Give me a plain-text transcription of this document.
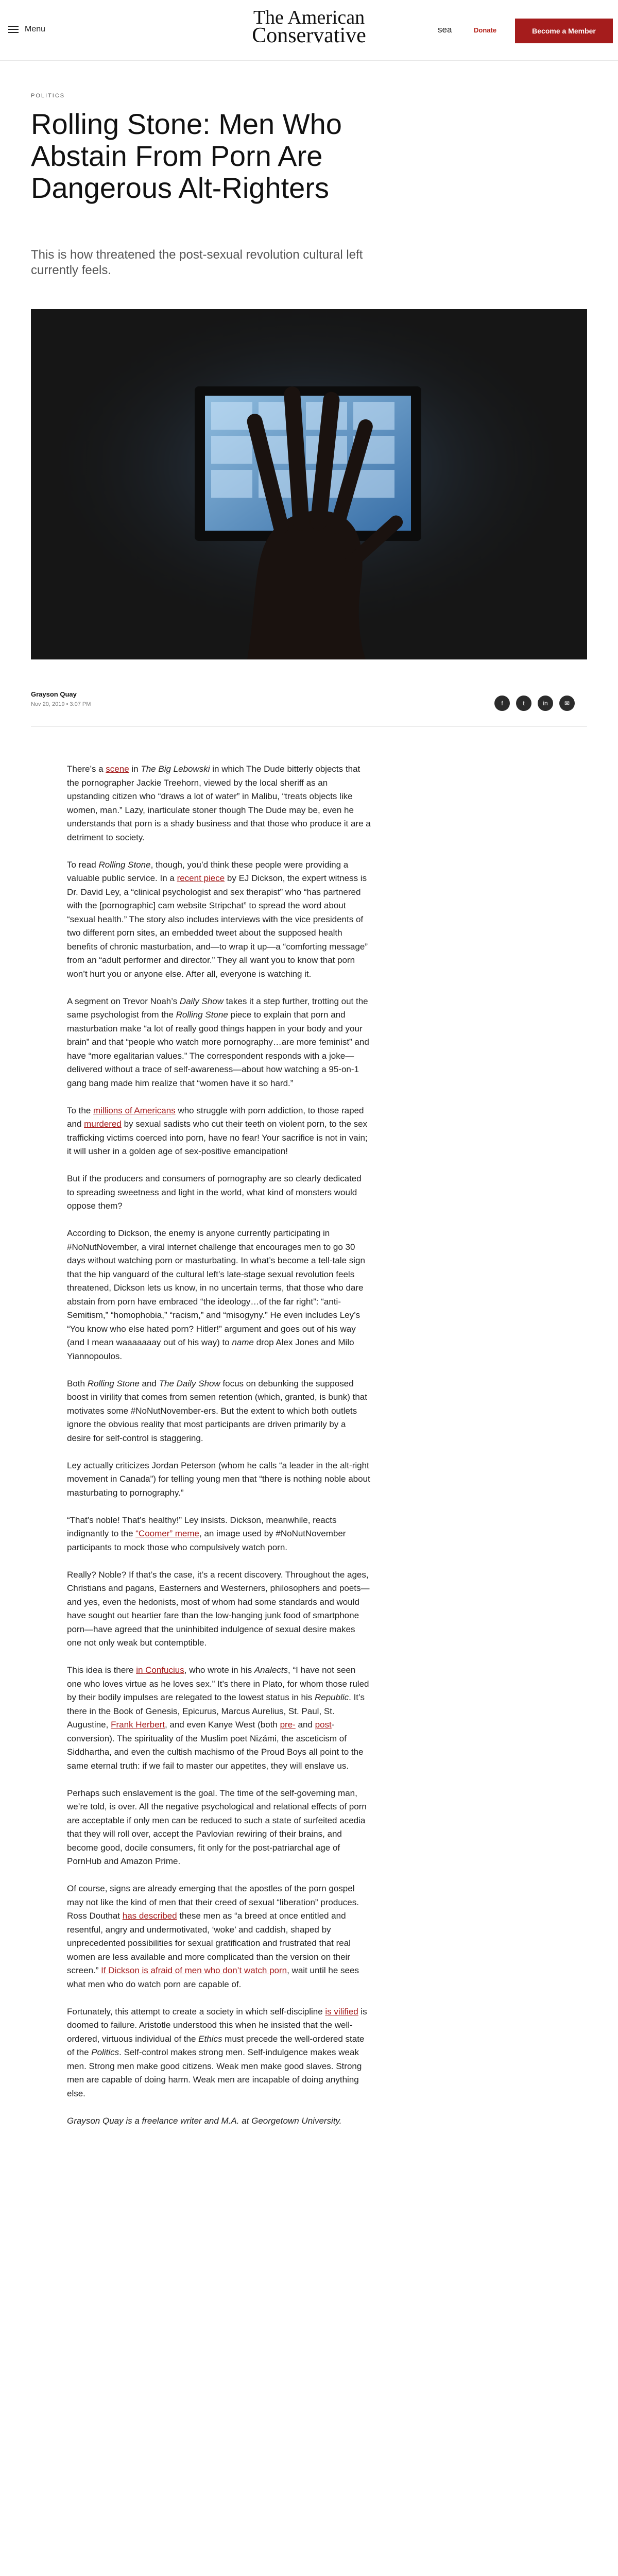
Menu
The American
Conservative	sea	Donate	Become a Member
POLITICS
Rolling Stone: Men Who Abstain From Porn Are Dangerous Alt-Righters
This is how threatened the post-sexual revolution cultural left currently feels.
Grayson Quay
Nov 20, 2019 • 3:07 PM	f	t	in	✉

There’s a scene in The Big Lebowski in which The Dude bitterly objects that the pornographer Jackie Treehorn, viewed by the local sheriff as an upstanding citizen who “draws a lot of water” in Malibu, “treats objects like women, man.” Lazy, inarticulate stoner though The Dude may be, even he understands that porn is a shady business and that those who produce it are a detriment to society.

To read Rolling Stone, though, you’d think these people were providing a valuable public service. In a recent piece by EJ Dickson, the expert witness is Dr. David Ley, a “clinical psychologist and sex therapist” who “has partnered with the [pornographic] cam website Stripchat” to spread the word about “sexual health.” The story also includes interviews with the vice presidents of two different porn sites, an embedded tweet about the supposed health benefits of chronic masturbation, and—to wrap it up—a “comforting message” from an “adult performer and director.” They all want you to know that porn won’t hurt you or anyone else. After all, everyone is watching it.

A segment on Trevor Noah’s Daily Show takes it a step further, trotting out the same psychologist from the Rolling Stone piece to explain that porn and masturbation make “a lot of really good things happen in your body and your brain” and that “people who watch more pornography…are more feminist” and have “more egalitarian values.” The correspondent responds with a joke—delivered without a trace of self-awareness—about how watching a 95-on-1 gang bang made him realize that “women have it so hard.”

To the millions of Americans who struggle with porn addiction, to those raped and murdered by sexual sadists who cut their teeth on violent porn, to the sex trafficking victims coerced into porn, have no fear! Your sacrifice is not in vain; it will usher in a golden age of sex-positive emancipation!

But if the producers and consumers of pornography are so clearly dedicated to spreading sweetness and light in the world, what kind of monsters would oppose them?

According to Dickson, the enemy is anyone currently participating in #NoNutNovember, a viral internet challenge that encourages men to go 30 days without watching porn or masturbating. In what’s become a tell-tale sign that the hip vanguard of the cultural left’s late-stage sexual revolution feels threatened, Dickson lets us know, in no uncertain terms, that those who dare abstain from porn have embraced “the ideology…of the far right”: “anti-Semitism,” “homophobia,” “racism,” and “misogyny.” He even includes Ley’s “You know who else hated porn? Hitler!” argument and goes out of his way (and I mean waaaaaaay out of his way) to name drop Alex Jones and Milo Yiannopoulos.

Both Rolling Stone and The Daily Show focus on debunking the supposed boost in virility that comes from semen retention (which, granted, is bunk) that motivates some #NoNutNovember-ers. But the extent to which both outlets ignore the obvious reality that most participants are driven primarily by a desire for self-control is staggering.

Ley actually criticizes Jordan Peterson (whom he calls “a leader in the alt-right movement in Canada”) for telling young men that “there is nothing noble about masturbating to pornography.”

“That’s noble! That’s healthy!” Ley insists. Dickson, meanwhile, reacts indignantly to the “Coomer” meme, an image used by #NoNutNovember participants to mock those who compulsively watch porn.

Really? Noble? If that’s the case, it’s a recent discovery. Throughout the ages, Christians and pagans, Easterners and Westerners, philosophers and poets—and yes, even the hedonists, most of whom had some standards and would have sought out heartier fare than the low-hanging junk food of smartphone porn—have agreed that the uninhibited indulgence of sexual desire makes one not only weak but contemptible.

This idea is there in Confucius, who wrote in his Analects, “I have not seen one who loves virtue as he loves sex.” It’s there in Plato, for whom those ruled by their bodily impulses are relegated to the lowest status in his Republic. It’s there in the Book of Genesis, Epicurus, Marcus Aurelius, St. Paul, St. Augustine, Frank Herbert, and even Kanye West (both pre- and post-conversion). The spirituality of the Muslim poet Nizámi, the asceticism of Siddhartha, and even the cultish machismo of the Proud Boys all point to the same eternal truth: if we fail to master our appetites, they will enslave us.

Perhaps such enslavement is the goal. The time of the self-governing man, we’re told, is over. All the negative psychological and relational effects of porn are acceptable if only men can be reduced to such a state of surfeited acedia that they will roll over, accept the Pavlovian rewiring of their brains, and become good, docile consumers, fit only for the post-patriarchal age of PornHub and Amazon Prime.

Of course, signs are already emerging that the apostles of the porn gospel may not like the kind of men that their creed of sexual “liberation” produces. Ross Douthat has described these men as “a breed at once entitled and resentful, angry and undermotivated, ‘woke’ and caddish, shaped by unprecedented possibilities for sexual gratification and frustrated that real women are less available and more complicated than the version on their screen.” If Dickson is afraid of men who don’t watch porn, wait until he sees what men who do watch porn are capable of.

Fortunately, this attempt to create a society in which self-discipline is vilified is doomed to failure. Aristotle understood this when he insisted that the well-ordered, virtuous individual of the Ethics must precede the well-ordered state of the Politics. Self-control makes strong men. Self-indulgence makes weak men. Strong men make good citizens. Weak men make good slaves. Strong men are capable of doing harm. Weak men are incapable of doing anything else.

Grayson Quay is a freelance writer and M.A. at Georgetown University.
